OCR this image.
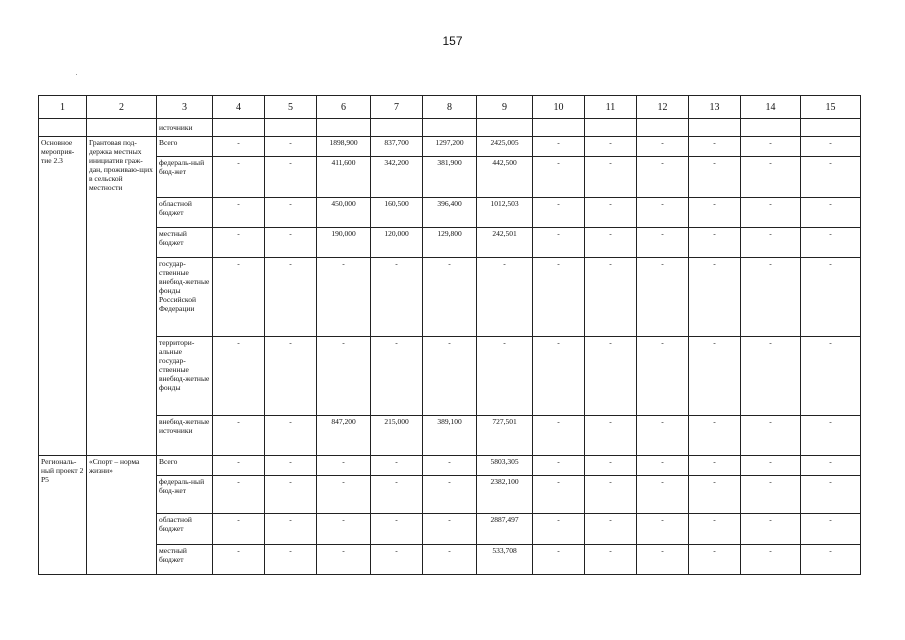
157
1	2	3	4	5	6	7	8	9	10	11	12	13	14	15
		источники												
Основное мероприя-тие 2.3	Грантовая под-держка местных инициатив граж-дан, проживаю-щих в сельской местности	Всего	-	-	1898,900	837,700	1297,200	2425,005	-	-	-	-	-	-
		федераль-ный бюд-жет	-	-	411,600	342,200	381,900	442,500	-	-	-	-	-	-
		областной бюджет	-	-	450,000	160,500	396,400	1012,503	-	-	-	-	-	-
		местный бюджет	-	-	190,000	120,000	129,800	242,501	-	-	-	-	-	-
		государ-ственные внебюд-жетные фонды Российской Федерации	-	-	-	-	-	-	-	-	-	-	-	-
		территори-альные государ-ственные внебюд-жетные фонды	-	-	-	-	-	-	-	-	-	-	-	-
		внебюд-жетные источники	-	-	847,200	215,000	389,100	727,501	-	-	-	-	-	-
Региональ-ный проект 2 P5	«Спорт – норма жизни»	Всего	-	-	-	-	-	5803,305	-	-	-	-	-	-
		федераль-ный бюд-жет	-	-	-	-	-	2382,100	-	-	-	-	-	-
		областной бюджет	-	-	-	-	-	2887,497	-	-	-	-	-	-
		местный бюджет	-	-	-	-	-	533,708	-	-	-	-	-	-
